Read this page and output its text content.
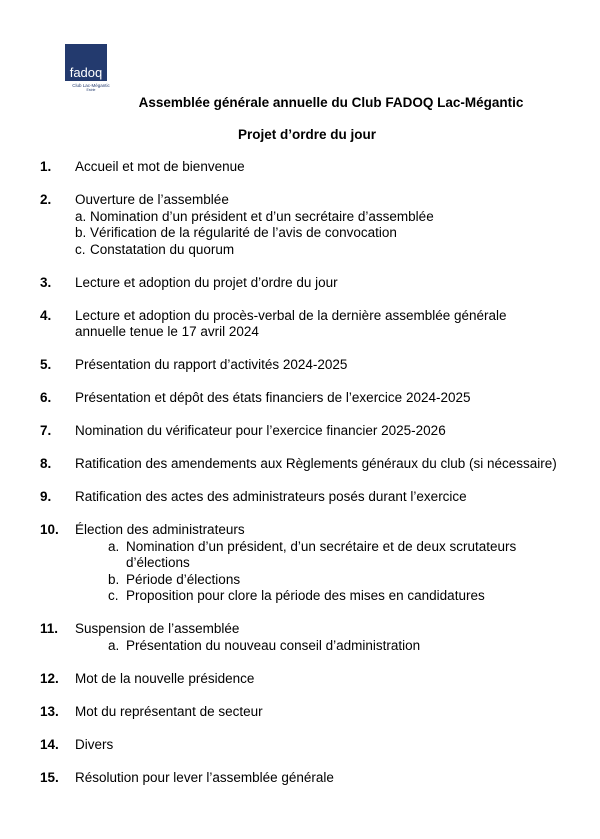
fadoq
Club Lac-Mégantic
Estrie
Assemblée générale annuelle du Club FADOQ Lac-Mégantic
Projet d’ordre du jour
1. Accueil et mot de bienvenue
2. Ouverture de l’assemblée
a. Nomination d’un président et d’un secrétaire d’assemblée
b. Vérification de la régularité de l’avis de convocation
c. Constatation du quorum
3. Lecture et adoption du projet d’ordre du jour
4. Lecture et adoption du procès-verbal de la dernière assemblée générale annuelle tenue le 17 avril 2024
5. Présentation du rapport d’activités 2024-2025
6. Présentation et dépôt des états financiers de l’exercice 2024-2025
7. Nomination du vérificateur pour l’exercice financier 2025-2026
8. Ratification des amendements aux Règlements généraux du club (si nécessaire)
9. Ratification des actes des administrateurs posés durant l’exercice
10. Élection des administrateurs
a. Nomination d’un président, d’un secrétaire et de deux scrutateurs d’élections
b. Période d’élections
c. Proposition pour clore la période des mises en candidatures
11. Suspension de l’assemblée
a. Présentation du nouveau conseil d’administration
12. Mot de la nouvelle présidence
13. Mot du représentant de secteur
14. Divers
15. Résolution pour lever l’assemblée générale
